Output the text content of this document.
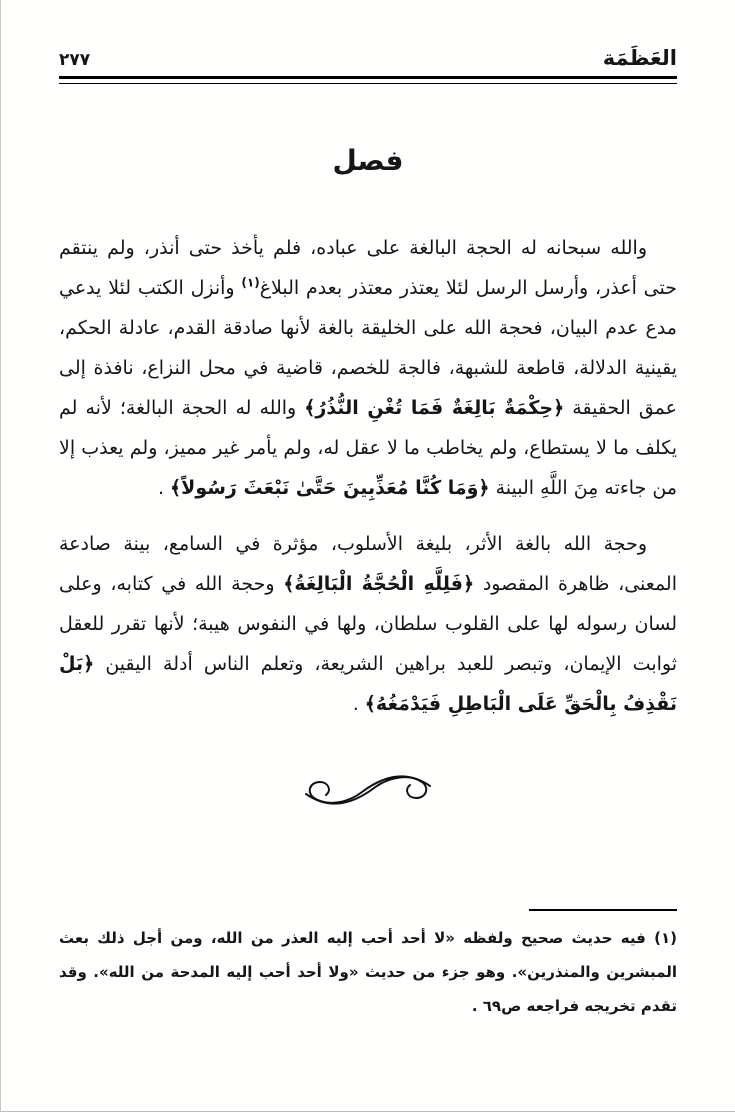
العَظَمَة
٢٧٧
فصل

والله سبحانه له الحجة البالغة على عباده، فلم يأخذ حتى أنذر، ولم ينتقم حتى أعذر، وأرسل الرسل لئلا يعتذر معتذر بعدم البلاغ$^{(١)}$ وأنزل الكتب لئلا يدعي مدع عدم البيان، فحجة الله على الخليقة بالغة لأنها صادقة القدم، عادلة الحكم، يقينية الدلالة، قاطعة للشبهة، فالجة للخصم، قاضية في محل النزاع، نافذة إلى عمق الحقيقة ﴿حِكْمَةٌ بَالِغَةٌ فَمَا تُغْنِ النُّذُرُ﴾ والله له الحجة البالغة؛ لأنه لم يكلف ما لا يستطاع، ولم يخاطب ما لا عقل له، ولم يأمر غير مميز، ولم يعذب إلا من جاءته مِنَ اللَّهِ البينة ﴿وَمَا كُنَّا مُعَذِّبِينَ حَتَّىٰ نَبْعَثَ رَسُولاً﴾ .

وحجة الله بالغة الأثر، بليغة الأسلوب، مؤثرة في السامع، بينة صادعة المعنى، ظاهرة المقصود ﴿فَلِلَّهِ الْحُجَّةُ الْبَالِغَةُ﴾ وحجة الله في كتابه، وعلى لسان رسوله لها على القلوب سلطان، ولها في النفوس هيبة؛ لأنها تقرر للعقل ثوابت الإيمان، وتبصر للعبد براهين الشريعة، وتعلم الناس أدلة اليقين ﴿بَلْ نَقْذِفُ بِالْحَقِّ عَلَى الْبَاطِلِ فَيَدْمَغُهُ﴾ .

(١) فيه حديث صحيح ولفظه «لا أحد أحب إليه العذر من الله، ومن أجل ذلك بعث المبشرين والمنذرين». وهو جزء من حديث «ولا أحد أحب إليه المدحة من الله». وقد تقدم تخريجه فراجعه ص٦٩ .
